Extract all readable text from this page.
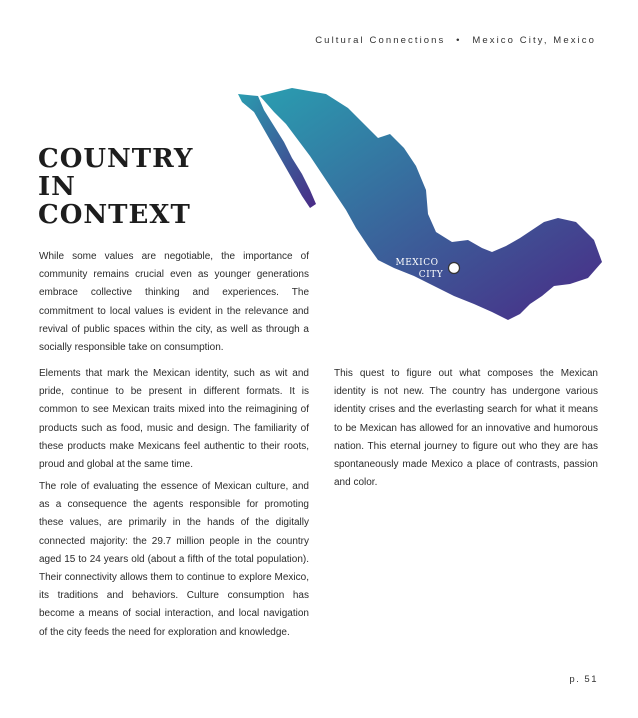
Cultural Connections • Mexico City, Mexico
MEXICO
CITY
COUNTRY
IN
CONTEXT

While some values are negotiable, the importance of community remains crucial even as younger generations embrace collective thinking and experiences. The commitment to local values is evident in the relevance and revival of public spaces within the city, as well as through a socially responsible take on consumption.

Elements that mark the Mexican identity, such as wit and pride, continue to be present in different formats. It is common to see Mexican traits mixed into the reimagining of products such as food, music and design. The familiarity of these products make Mexicans feel authentic to their roots, proud and global at the same time.

The role of evaluating the essence of Mexican culture, and as a consequence the agents responsible for promoting these values, are primarily in the hands of the digitally connected majority: the 29.7 million people in the country aged 15 to 24 years old (about a fifth of the total population). Their connectivity allows them to continue to explore Mexico, its traditions and behaviors. Culture consumption has become a means of social interaction, and local navigation of the city feeds the need for exploration and knowledge.

This quest to figure out what composes the Mexican identity is not new. The country has undergone various identity crises and the everlasting search for what it means to be Mexican has allowed for an innovative and humorous nation. This eternal journey to figure out who they are has spontaneously made Mexico a place of contrasts, passion and color.

p. 51
